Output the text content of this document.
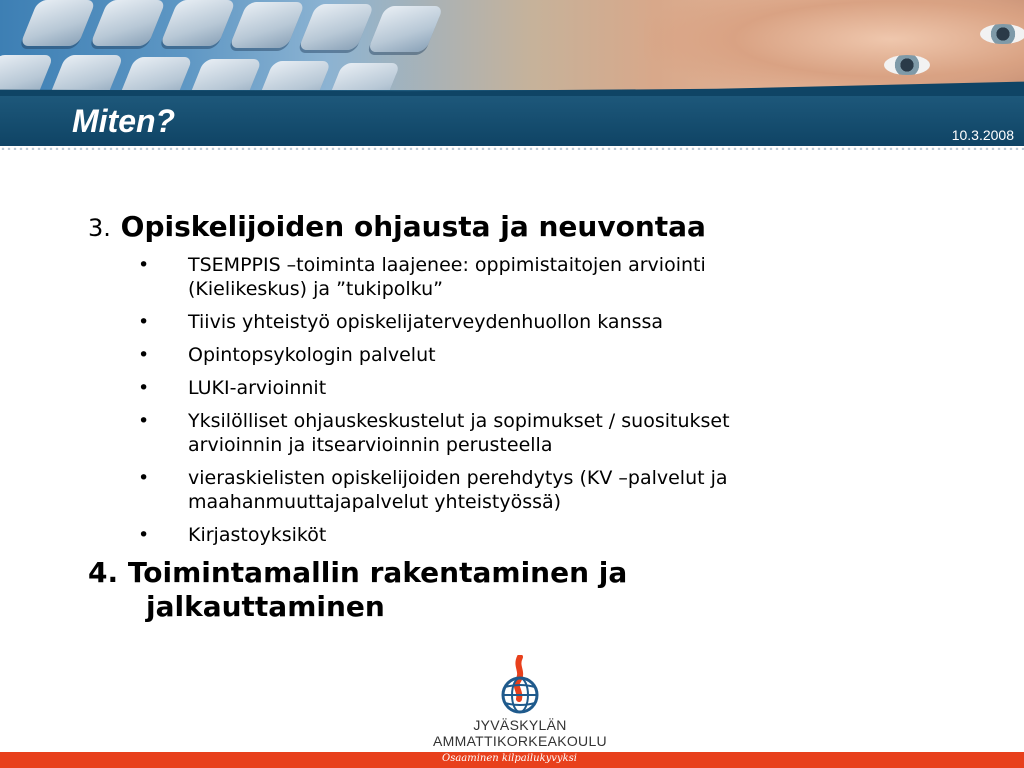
Miten?	10.3.2008
3. Opiskelijoiden ohjausta ja neuvontaa
• TSEMPPIS –toiminta laajenee: oppimistaitojen arviointi (Kielikeskus) ja ”tukipolku”
• Tiivis yhteistyö opiskelijaterveydenhuollon kanssa
• Opintopsykologin palvelut
• LUKI-arvioinnit
• Yksilölliset ohjauskeskustelut ja sopimukset / suositukset arvioinnin ja itsearvioinnin perusteella
• vieraskielisten opiskelijoiden perehdytys (KV –palvelut ja maahanmuuttajapalvelut yhteistyössä)
• Kirjastoyksiköt
4. Toimintamallin rakentaminen ja
jalkauttaminen
JYVÄSKYLÄN
AMMATTIKORKEAKOULU
Osaaminen kilpailukyvyksi
